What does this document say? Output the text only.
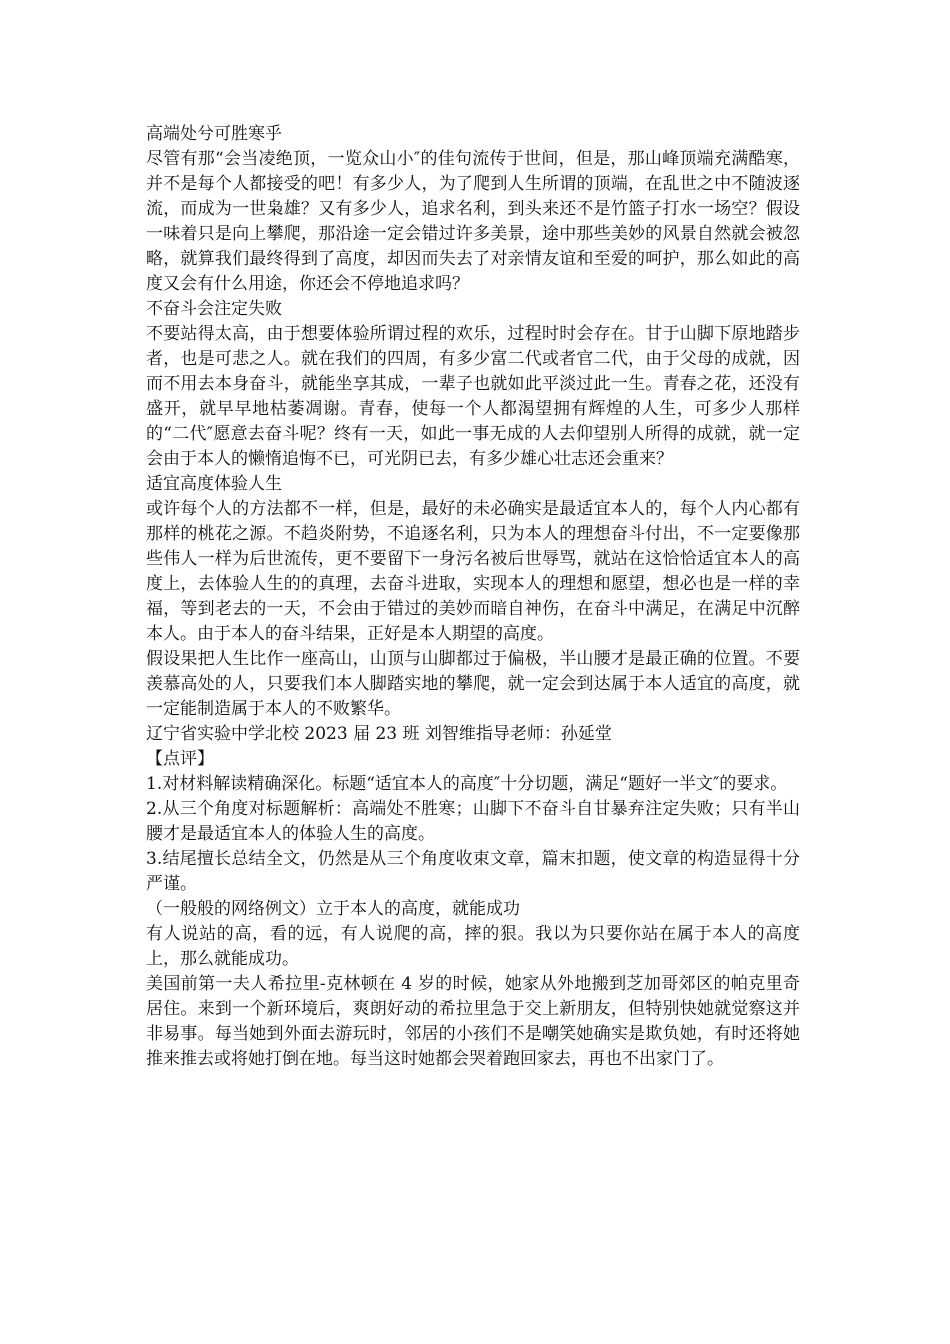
高端处兮可胜寒乎

尽管有那“会当凌绝顶，一览众山小″的佳句流传于世间，但是，那山峰顶端充满酷寒，并不是每个人都接受的吧！有多少人，为了爬到人生所谓的顶端，在乱世之中不随波逐流，而成为一世枭雄？又有多少人，追求名利，到头来还不是竹篮子打水一场空？假设一味着只是向上攀爬，那沿途一定会错过许多美景，途中那些美妙的风景自然就会被忽略，就算我们最终得到了高度，却因而失去了对亲情友谊和至爱的呵护，那么如此的高度又会有什么用途，你还会不停地追求吗？

不奋斗会注定失败

不要站得太高，由于想要体验所谓过程的欢乐，过程时时会存在。甘于山脚下原地踏步者，也是可悲之人。就在我们的四周，有多少富二代或者官二代，由于父母的成就，因而不用去本身奋斗，就能坐享其成，一辈子也就如此平淡过此一生。青春之花，还没有盛开，就早早地枯萎凋谢。青春，使每一个人都渴望拥有辉煌的人生，可多少人那样的“二代″愿意去奋斗呢？终有一天，如此一事无成的人去仰望别人所得的成就，就一定会由于本人的懒惰追悔不已，可光阴已去，有多少雄心壮志还会重来？

适宜高度体验人生

或许每个人的方法都不一样，但是，最好的未必确实是最适宜本人的，每个人内心都有那样的桃花之源。不趋炎附势，不追逐名利，只为本人的理想奋斗付出，不一定要像那些伟人一样为后世流传，更不要留下一身污名被后世辱骂，就站在这恰恰适宜本人的高度上，去体验人生的的真理，去奋斗进取，实现本人的理想和愿望，想必也是一样的幸福，等到老去的一天，不会由于错过的美妙而暗自神伤，在奋斗中满足，在满足中沉醉本人。由于本人的奋斗结果，正好是本人期望的高度。

假设果把人生比作一座高山，山顶与山脚都过于偏极，半山腰才是最正确的位置。不要羡慕高处的人，只要我们本人脚踏实地的攀爬，就一定会到达属于本人适宜的高度，就一定能制造属于本人的不败繁华。

辽宁省实验中学北校 2023 届 23 班 刘智维指导老师：孙延堂

【点评】

1.对材料解读精确深化。标题“适宜本人的高度″十分切题，满足“题好一半文″的要求。

2.从三个角度对标题解析：高端处不胜寒；山脚下不奋斗自甘暴弃注定失败；只有半山腰才是最适宜本人的体验人生的高度。

3.结尾擅长总结全文，仍然是从三个角度收束文章，篇末扣题，使文章的构造显得十分严谨。

（一般般的网络例文）立于本人的高度，就能成功

有人说站的高，看的远，有人说爬的高，摔的狠。我以为只要你站在属于本人的高度上，那么就能成功。

美国前第一夫人希拉里-克林顿在 4 岁的时候，她家从外地搬到芝加哥郊区的帕克里奇居住。来到一个新环境后，爽朗好动的希拉里急于交上新朋友，但特别快她就觉察这并非易事。每当她到外面去游玩时，邻居的小孩们不是嘲笑她确实是欺负她，有时还将她推来推去或将她打倒在地。每当这时她都会哭着跑回家去，再也不出家门了。
